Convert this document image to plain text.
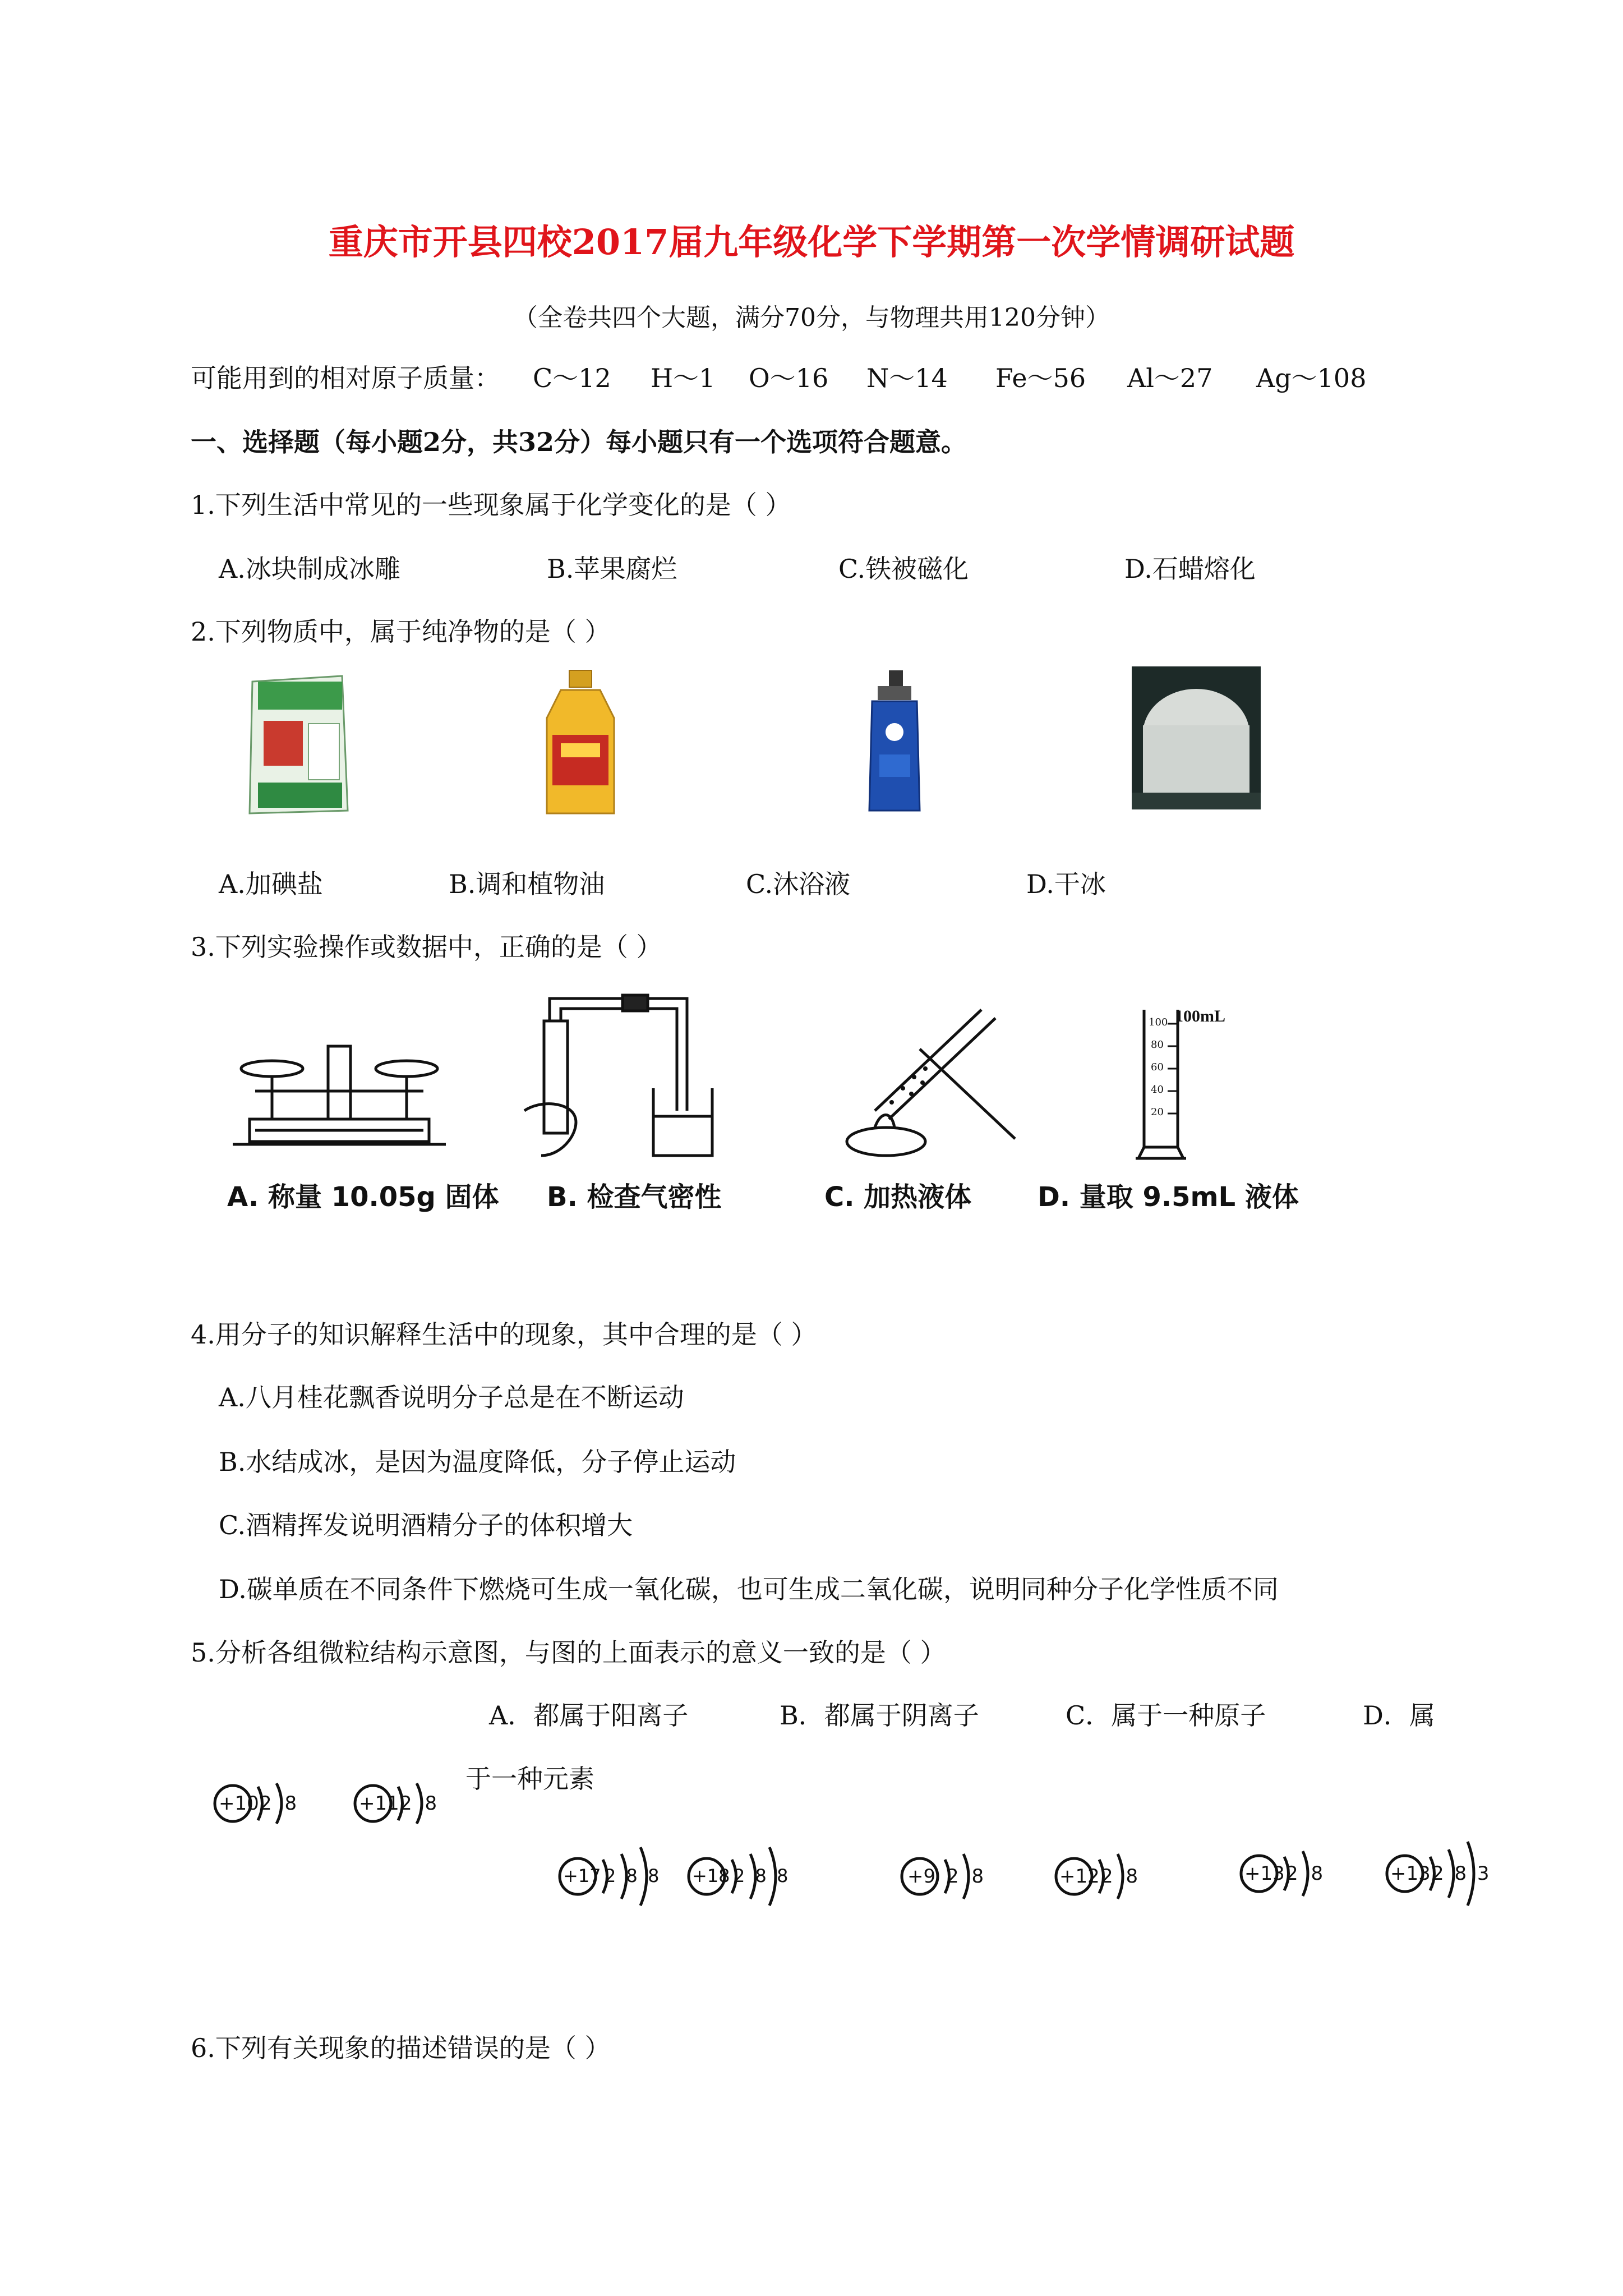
重庆市开县四校2017届九年级化学下学期第一次学情调研试题
（全卷共四个大题，满分70分，与物理共用120分钟）
可能用到的相对原子质量： C～12 H～1 O～16 N～14 Fe～56 Al～27 Ag～108
一、选择题（每小题2分，共32分）每小题只有一个选项符合题意。
1.下列生活中常见的一些现象属于化学变化的是（ ）
A.冰块制成冰雕	B.苹果腐烂	C.铁被磁化	D.石蜡熔化
2.下列物质中，属于纯净物的是（ ）
A.加碘盐	B.调和植物油	C.沐浴液	D.干冰
3.下列实验操作或数据中，正确的是（ ）
100mL
100
80
60
40
20
A. 称量 10.05g 固体 B. 检查气密性	C. 加热液体 D. 量取 9.5mL 液体
4.用分子的知识解释生活中的现象，其中合理的是（ ）
A.八月桂花飘香说明分子总是在不断运动
B.水结成冰，是因为温度降低，分子停止运动
C.酒精挥发说明酒精分子的体积增大
D.碳单质在不同条件下燃烧可生成一氧化碳，也可生成二氧化碳，说明同种分子化学性质不同
5.分析各组微粒结构示意图，与图的上面表示的意义一致的是（ ）
A．都属于阳离子	B．都属于阴离子	C．属于一种原子	D．属
于一种元素
+10 2 8	+11 2 8
+17 2 8 8 +18 2 8 8	+9 2 8	+12 2 8	+13 2 8	+13 2 8 3
6.下列有关现象的描述错误的是（ ）
